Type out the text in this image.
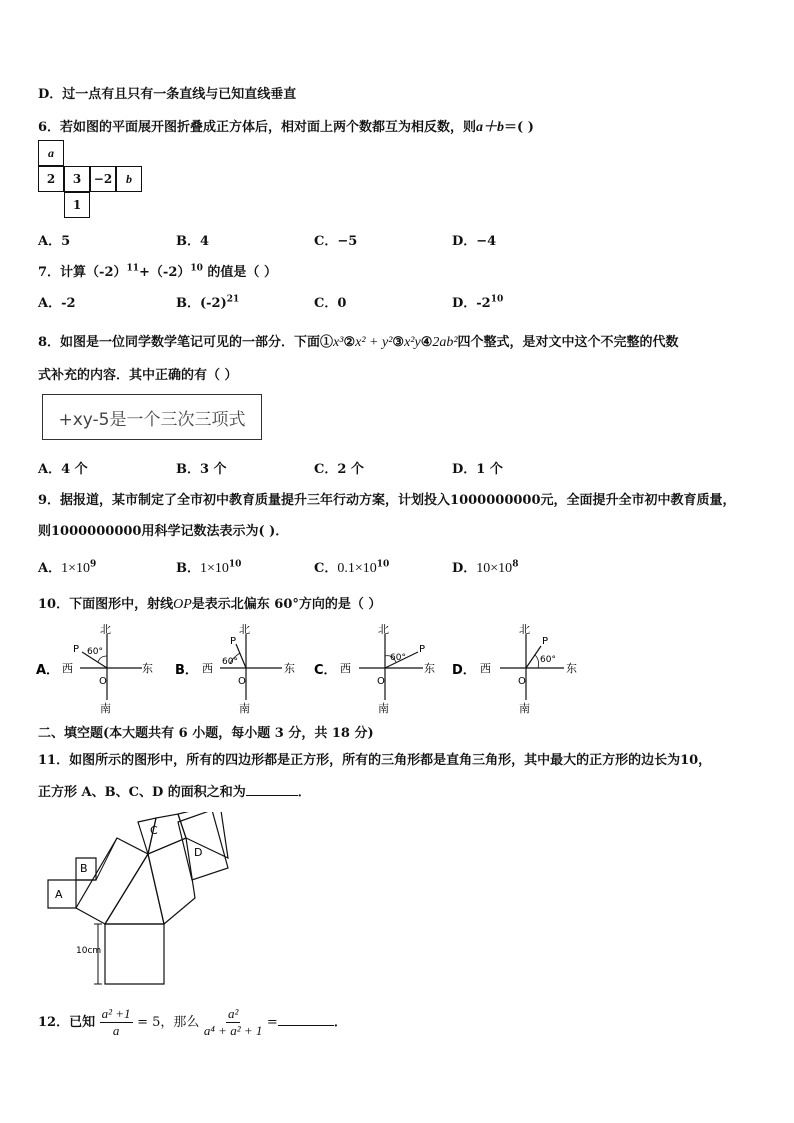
D．过一点有且只有一条直线与已知直线垂直
6．若如图的平面展开图折叠成正方体后，相对面上两个数都互为相反数，则a＋b＝( )
a
2	3	−2	b
1
A．5	B．4	C．−5	D．−4
7．计算$(-2)^{11}+(-2)^{10}$ 的值是（ ）
A．-2	B．$(-2)^{21}$	C．0	D．$-2^{10}$
8．如图是一位同学数学笔记可见的一部分．下面①x³②x² + y²③x²y④2ab²四个整式，是对文中这个不完整的代数
式补充的内容．其中正确的有（ ）
+xy-5是一个三次三项式
A．4 个	B．3 个	C．2 个	D．1 个
9．据报道，某市制定了全市初中教育质量提升三年行动方案，计划投入1000000000元，全面提升全市初中教育质量，
则1000000000用科学记数法表示为( )．
A．$1\times 10^9$	B．$1\times 10^{10}$	C．$0.1\times 10^{10}$	D．$10\times 10^8$
10．下面图形中，射线OP是表示北偏东 60°方向的是（ ）
A．
北
南
东
西
O
P 60°
B．
北
南
东
西
O
P
60°
C．
北
南
东
西
O
P
60°
D．
北
南
东
西
O
P
60°
二、填空题(本大题共有 6 小题，每小题 3 分，共 18 分)
11．如图所示的图形中，所有的四边形都是正方形，所有的三角形都是直角三角形，其中最大的正方形的边长为10，
正方形 A、B、C、D 的面积之和为	．
A
B
C
D
10cm
12．已知 $\frac{\text{a² +1}}{a} = 5$，那么 $\frac{\text{a²}}{\text{a⁴ + a² + 1}}$ =	．
